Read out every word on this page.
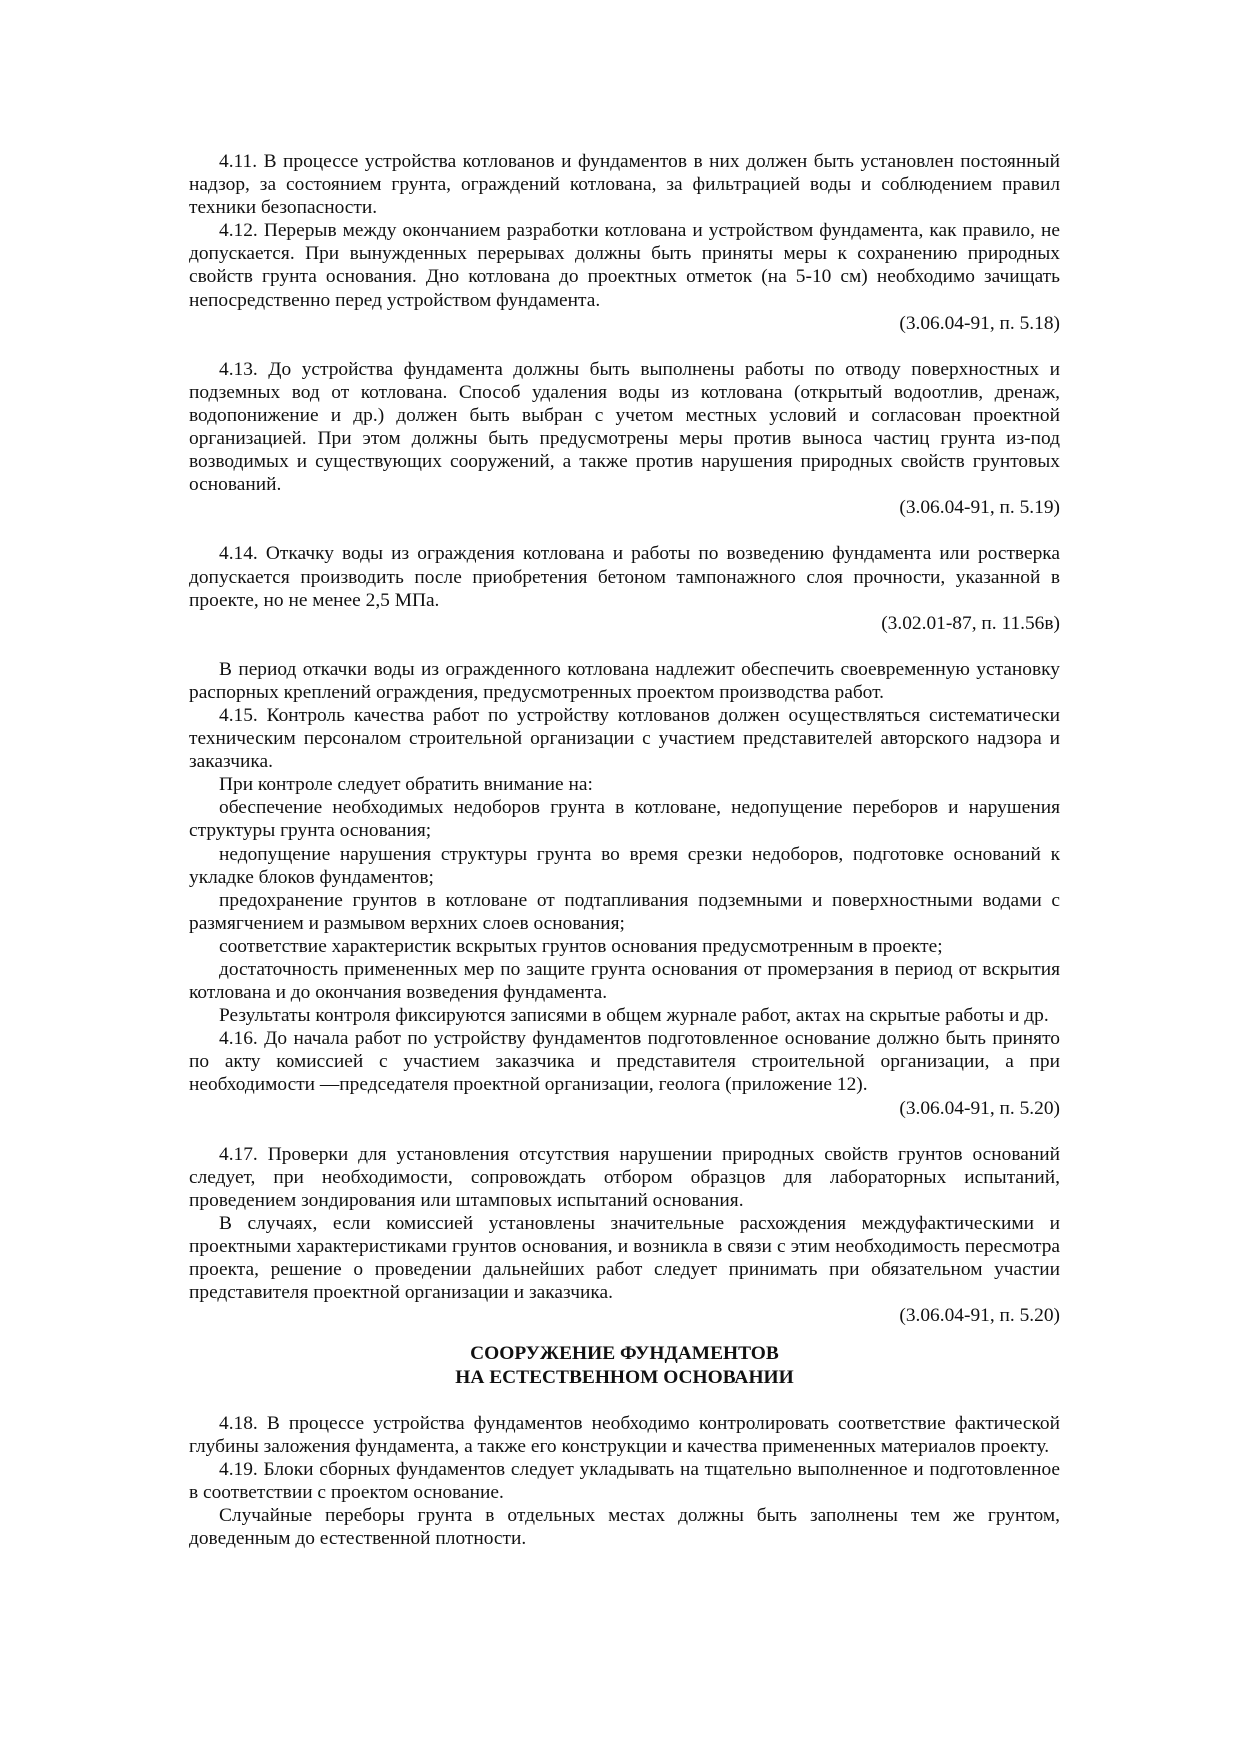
4.11. В процессе устройства котлованов и фундаментов в них должен быть установлен постоянный надзор, за состоянием грунта, ограждений котлована, за фильтрацией воды и соблюдением правил техники безопасности.

4.12. Перерыв между окончанием разработки котлована и устройством фундамента, как правило, не допускается. При вынужденных перерывах должны быть приняты меры к сохранению природных свойств грунта основания. Дно котлована до проектных отметок (на 5-10 см) необходимо зачищать непосредственно перед устройством фундамента.

(3.06.04-91, п. 5.18)

4.13. До устройства фундамента должны быть выполнены работы по отводу поверхностных и подземных вод от котлована. Способ удаления воды из котлована (открытый водоотлив, дренаж, водопонижение и др.) должен быть выбран с учетом местных условий и согласован проектной организацией. При этом должны быть предусмотрены меры против выноса частиц грунта из-под возводимых и существующих сооружений, а также против нарушения природных свойств грунтовых оснований.

(3.06.04-91, п. 5.19)

4.14. Откачку воды из ограждения котлована и работы по возведению фундамента или ростверка допускается производить после приобретения бетоном тампонажного слоя прочности, указанной в проекте, но не менее 2,5 МПа.

(3.02.01-87, п. 11.56в)

В период откачки воды из огражденного котлована надлежит обеспечить своевременную установку распорных креплений ограждения, предусмотренных проектом производства работ.

4.15. Контроль качества работ по устройству котлованов должен осуществляться систематически техническим персоналом строительной организации с участием представителей авторского надзора и заказчика.

При контроле следует обратить внимание на:

обеспечение необходимых недоборов грунта в котловане, недопущение переборов и нарушения структуры грунта основания;

недопущение нарушения структуры грунта во время срезки недоборов, подготовке оснований к укладке блоков фундаментов;

предохранение грунтов в котловане от подтапливания подземными и поверхностными водами с размягчением и размывом верхних слоев основания;

соответствие характеристик вскрытых грунтов основания предусмотренным в проекте;

достаточность примененных мер по защите грунта основания от промерзания в период от вскрытия котлована и до окончания возведения фундамента.

Результаты контроля фиксируются записями в общем журнале работ, актах на скрытые работы и др.

4.16. До начала работ по устройству фундаментов подготовленное основание должно быть принято по акту комиссией с участием заказчика и представителя строительной организации, а при необходимости —председателя проектной организации, геолога (приложение 12).

(3.06.04-91, п. 5.20)

4.17. Проверки для установления отсутствия нарушении природных свойств грунтов оснований следует, при необходимости, сопровождать отбором образцов для лабораторных испытаний, проведением зондирования или штамповых испытаний основания.

В случаях, если комиссией установлены значительные расхождения междуфактическими и проектными характеристиками грунтов основания, и возникла в связи с этим необходимость пересмотра проекта, решение о проведении дальнейших работ следует принимать при обязательном участии представителя проектной организации и заказчика.

(3.06.04-91, п. 5.20)

СООРУЖЕНИЕ ФУНДАМЕНТОВ
НА ЕСТЕСТВЕННОМ ОСНОВАНИИ

4.18. В процессе устройства фундаментов необходимо контролировать соответствие фактической глубины заложения фундамента, а также его конструкции и качества примененных материалов проекту.

4.19. Блоки сборных фундаментов следует укладывать на тщательно выполненное и подготовленное в соответствии с проектом основание.

Случайные переборы грунта в отдельных местах должны быть заполнены тем же грунтом, доведенным до естественной плотности.
